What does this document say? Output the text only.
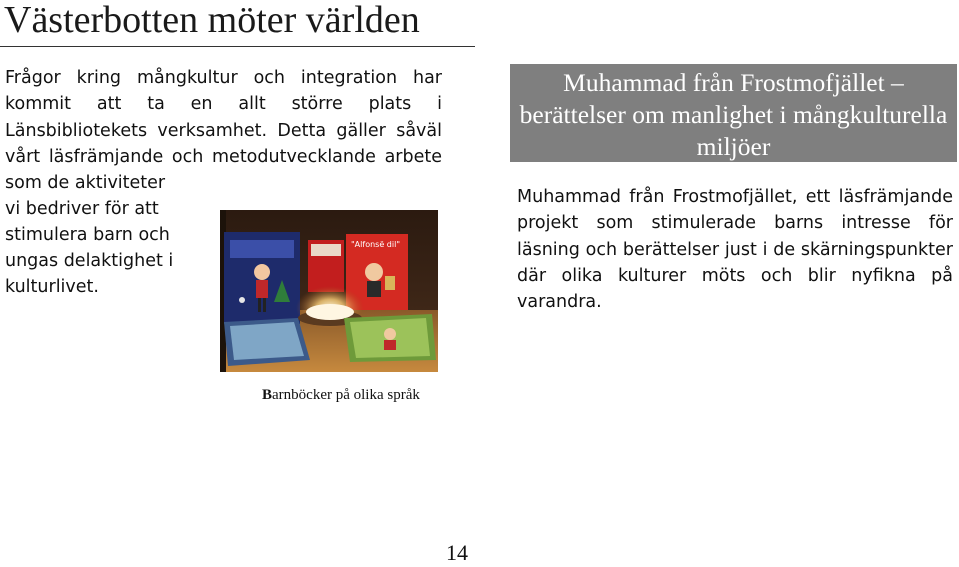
Västerbotten möter världen
Frågor kring mångkultur och integration har kommit att ta en allt större plats i Länsbibliotekets verksamhet. Detta gäller såväl vårt läsfrämjande och metodutvecklande arbete som de aktiviteter
vi bedriver för att
stimulera barn och
ungas delaktighet i
kulturlivet.
"Alfonsë dil"
Barnböcker på olika språk
Muhammad från Frostmofjället – berättelser om manlighet i mångkulturella miljöer
Muhammad från Frostmofjället, ett läsfrämjande projekt som stimulerade barns intresse för läsning och berättelser just i de skärningspunkter där olika kulturer möts och blir nyfikna på varandra.
14
